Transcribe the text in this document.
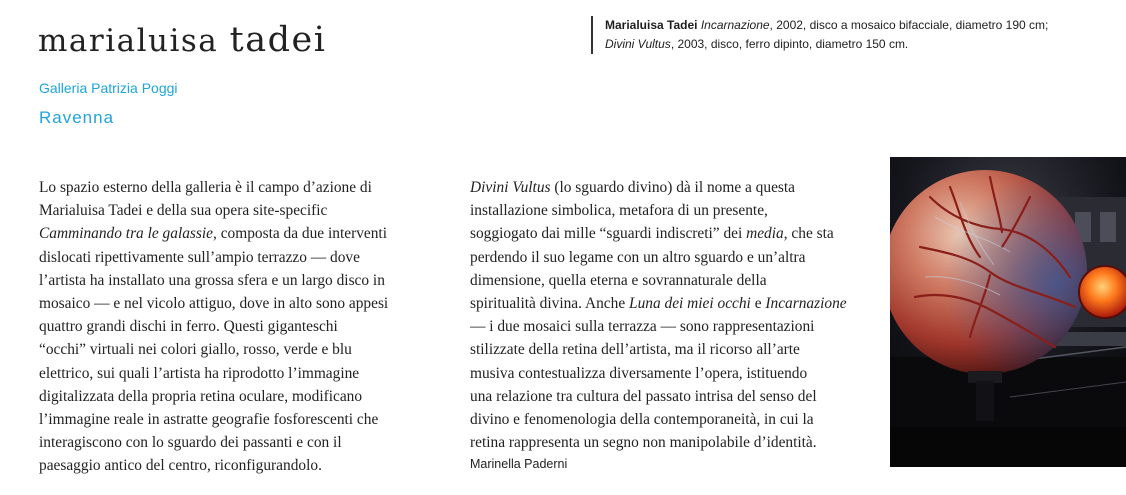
marialuisa tadei	Marialuisa Tadei Incarnazione, 2002, disco a mosaico bifacciale, diametro 190 cm;
Divini Vultus, 2003, disco, ferro dipinto, diametro 150 cm.
Galleria Patrizia Poggi
Ravenna
Lo spazio esterno della galleria è il campo d’azione di
Marialuisa Tadei e della sua opera site-specific
Camminando tra le galassie, composta da due interventi
dislocati ripettivamente sull’ampio terrazzo — dove
l’artista ha installato una grossa sfera e un largo disco in
mosaico — e nel vicolo attiguo, dove in alto sono appesi
quattro grandi dischi in ferro. Questi giganteschi
“occhi” virtuali nei colori giallo, rosso, verde e blu
elettrico, sui quali l’artista ha riprodotto l’immagine
digitalizzata della propria retina oculare, modificano
l’immagine reale in astratte geografie fosforescenti che
interagiscono con lo sguardo dei passanti e con il
paesaggio antico del centro, riconfigurandolo.
Divini Vultus (lo sguardo divino) dà il nome a questa
installazione simbolica, metafora di un presente,
soggiogato dai mille “sguardi indiscreti” dei media, che sta
perdendo il suo legame con un altro sguardo e un’altra
dimensione, quella eterna e sovrannaturale della
spiritualità divina. Anche Luna dei miei occhi e Incarnazione
— i due mosaici sulla terrazza — sono rappresentazioni
stilizzate della retina dell’artista, ma il ricorso all’arte
musiva contestualizza diversamente l’opera, istituendo
una relazione tra cultura del passato intrisa del senso del
divino e fenomenologia della contemporaneità, in cui la
retina rappresenta un segno non manipolabile d’identità.
Marinella Paderni
